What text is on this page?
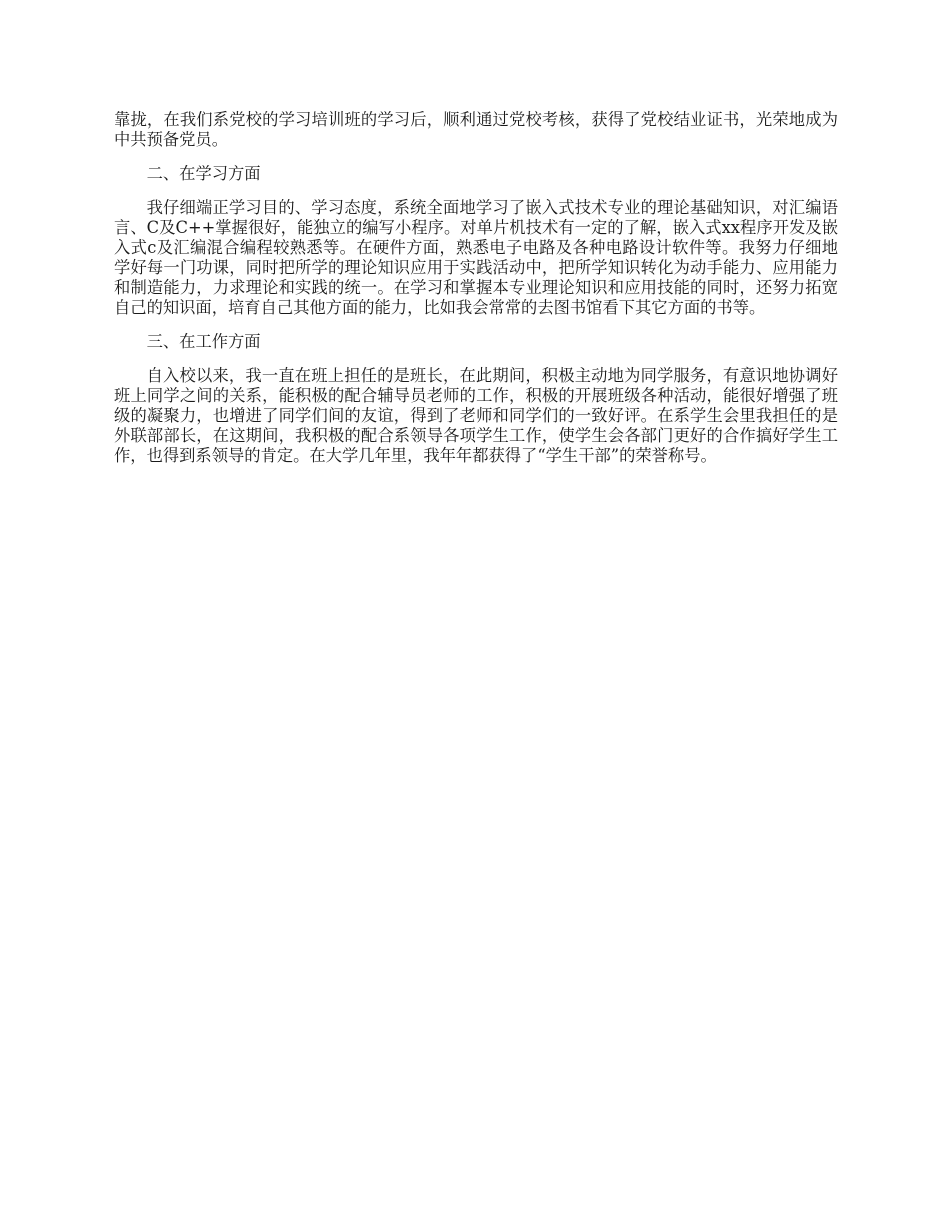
靠拢，在我们系党校的学习培训班的学习后，顺利通过党校考核，获得了党校结业证书，光荣地成为中共预备党员。

二、在学习方面

我仔细端正学习目的、学习态度，系统全面地学习了嵌入式技术专业的理论基础知识，对汇编语言、C及C++掌握很好，能独立的编写小程序。对单片机技术有一定的了解，嵌入式xx程序开发及嵌入式c及汇编混合编程较熟悉等。在硬件方面，熟悉电子电路及各种电路设计软件等。我努力仔细地学好每一门功课，同时把所学的理论知识应用于实践活动中，把所学知识转化为动手能力、应用能力和制造能力，力求理论和实践的统一。在学习和掌握本专业理论知识和应用技能的同时，还努力拓宽自己的知识面，培育自己其他方面的能力，比如我会常常的去图书馆看下其它方面的书等。

三、在工作方面

自入校以来，我一直在班上担任的是班长，在此期间，积极主动地为同学服务，有意识地协调好班上同学之间的关系，能积极的配合辅导员老师的工作，积极的开展班级各种活动，能很好增强了班级的凝聚力，也增进了同学们间的友谊，得到了老师和同学们的一致好评。在系学生会里我担任的是外联部部长，在这期间，我积极的配合系领导各项学生工作，使学生会各部门更好的合作搞好学生工作，也得到系领导的肯定。在大学几年里，我年年都获得了“学生干部”的荣誉称号。
